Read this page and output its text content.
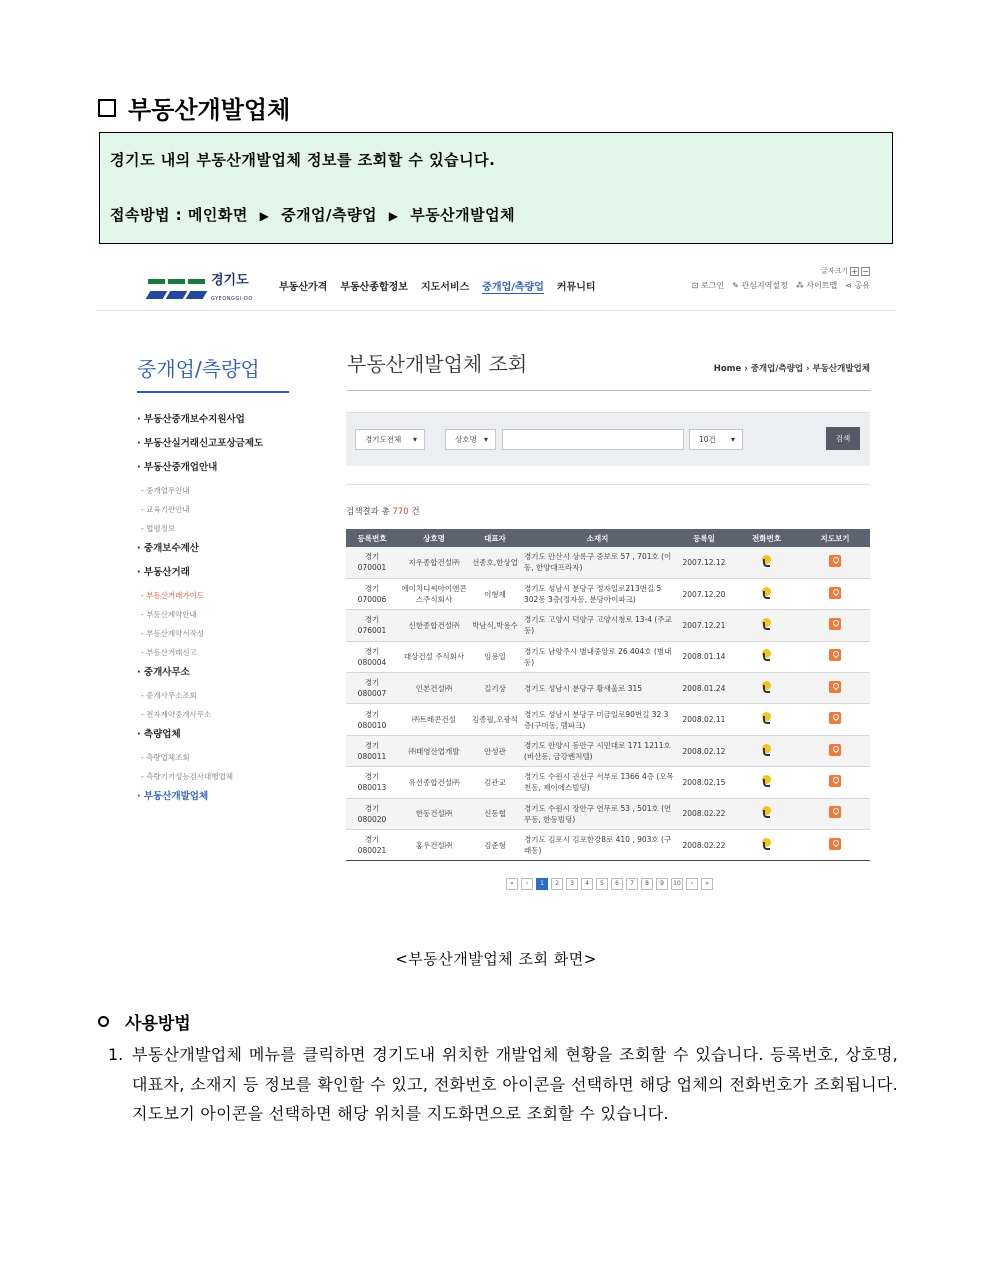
부동산개발업체

경기도 내의 부동산개발업체 정보를 조회할 수 있습니다.

접속방법 : 메인화면 ▶ 중개업/측량업 ▶ 부동산개발업체

경기도
GYEONGGI-DO
부동산가격 부동산종합정보 지도서비스 중개업/측량업 커뮤니티
글자크기 + −
⊡ 로그인 ✎ 관심지역설정 ⁂ 사이트맵 ⋖ 공유
중개업/측량업
· 부동산중개보수지원사업
· 부동산실거래신고포상금제도
· 부동산중개업안내
- 중개업무안내
- 교육기관안내
- 법령정보
· 중개보수계산
· 부동산거래
- 부동산거래가이드
- 부동산계약안내
- 부동산계약서작성
- 부동산거래신고
· 중개사무소
- 중개사무소조회
- 전자계약중개사무소
· 측량업체
- 측량업체조회
- 측량기기성능검사대행업체
· 부동산개발업체
부동산개발업체 조회	Home › 중개업/측량업 › 부동산개발업체
경기도전체 ▾	상호명 ▾	10건 ▾	검색
검색결과 총 770 건
등록번호	상호명	대표자	소재지	등록일	전화번호	지도보기
경기
070001	지우종합건설㈜	선종호,한상업	경기도 안산시 상록구 중보로 57 , 701호 (이동, 한양대프라자)	2007.12.12		
경기
070006	에이치디씨아이앤콘스주식회사	이형재	경기도 성남시 분당구 정자일로213번길 5 302동 3층(정자동, 분당아이파크)	2007.12.20		
경기
076001	신한종합건설㈜	박남식,박용수	경기도 고양시 덕양구 고양시청로 13-4 (주교동)	2007.12.21		
경기
080004	대상건설 주식회사	임용일	경기도 남양주시 별내중앙로 26 404호 (별내동)	2008.01.14		
경기
080007	인본건설㈜	길기상	경기도 성남시 분당구 황새울로 315	2008.01.24		
경기
080010	㈜트레콘건설	김종필,오광석	경기도 성남시 분당구 미금일로90번길 32 3층(구미동, 멤파크)	2008.02.11		
경기
080011	㈜태영산업개발	안성관	경기도 안양시 동안구 시민대로 171 1211호(비산동, 금강벤처텔)	2008.02.12		
경기
080013	유선종합건설㈜	김관교	경기도 수원시 권선구 서부로 1366 4층 (오목천동, 제이에스빌딩)	2008.02.15		
경기
080020	한동건설㈜	신동협	경기도 수원시 장안구 연무로 53 , 501호 (연무동, 한동빌딩)	2008.02.22		
경기
080021	홍우건설㈜	김준형	경기도 김포시 김포한강8로 410 , 903호 (구래동)	2008.02.22		
«	‹	1	2	3	4	5	6	7	8	9	10	›	»
<부동산개발업체 조회 화면>
사용방법
1. 부동산개발업체 메뉴를 클릭하면 경기도내 위치한 개발업체 현황을 조회할 수 있습니다. 등록번호, 상호명, 대표자, 소재지 등 정보를 확인할 수 있고, 전화번호 아이콘을 선택하면 해당 업체의 전화번호가 조회됩니다. 지도보기 아이콘을 선택하면 해당 위치를 지도화면으로 조회할 수 있습니다.
